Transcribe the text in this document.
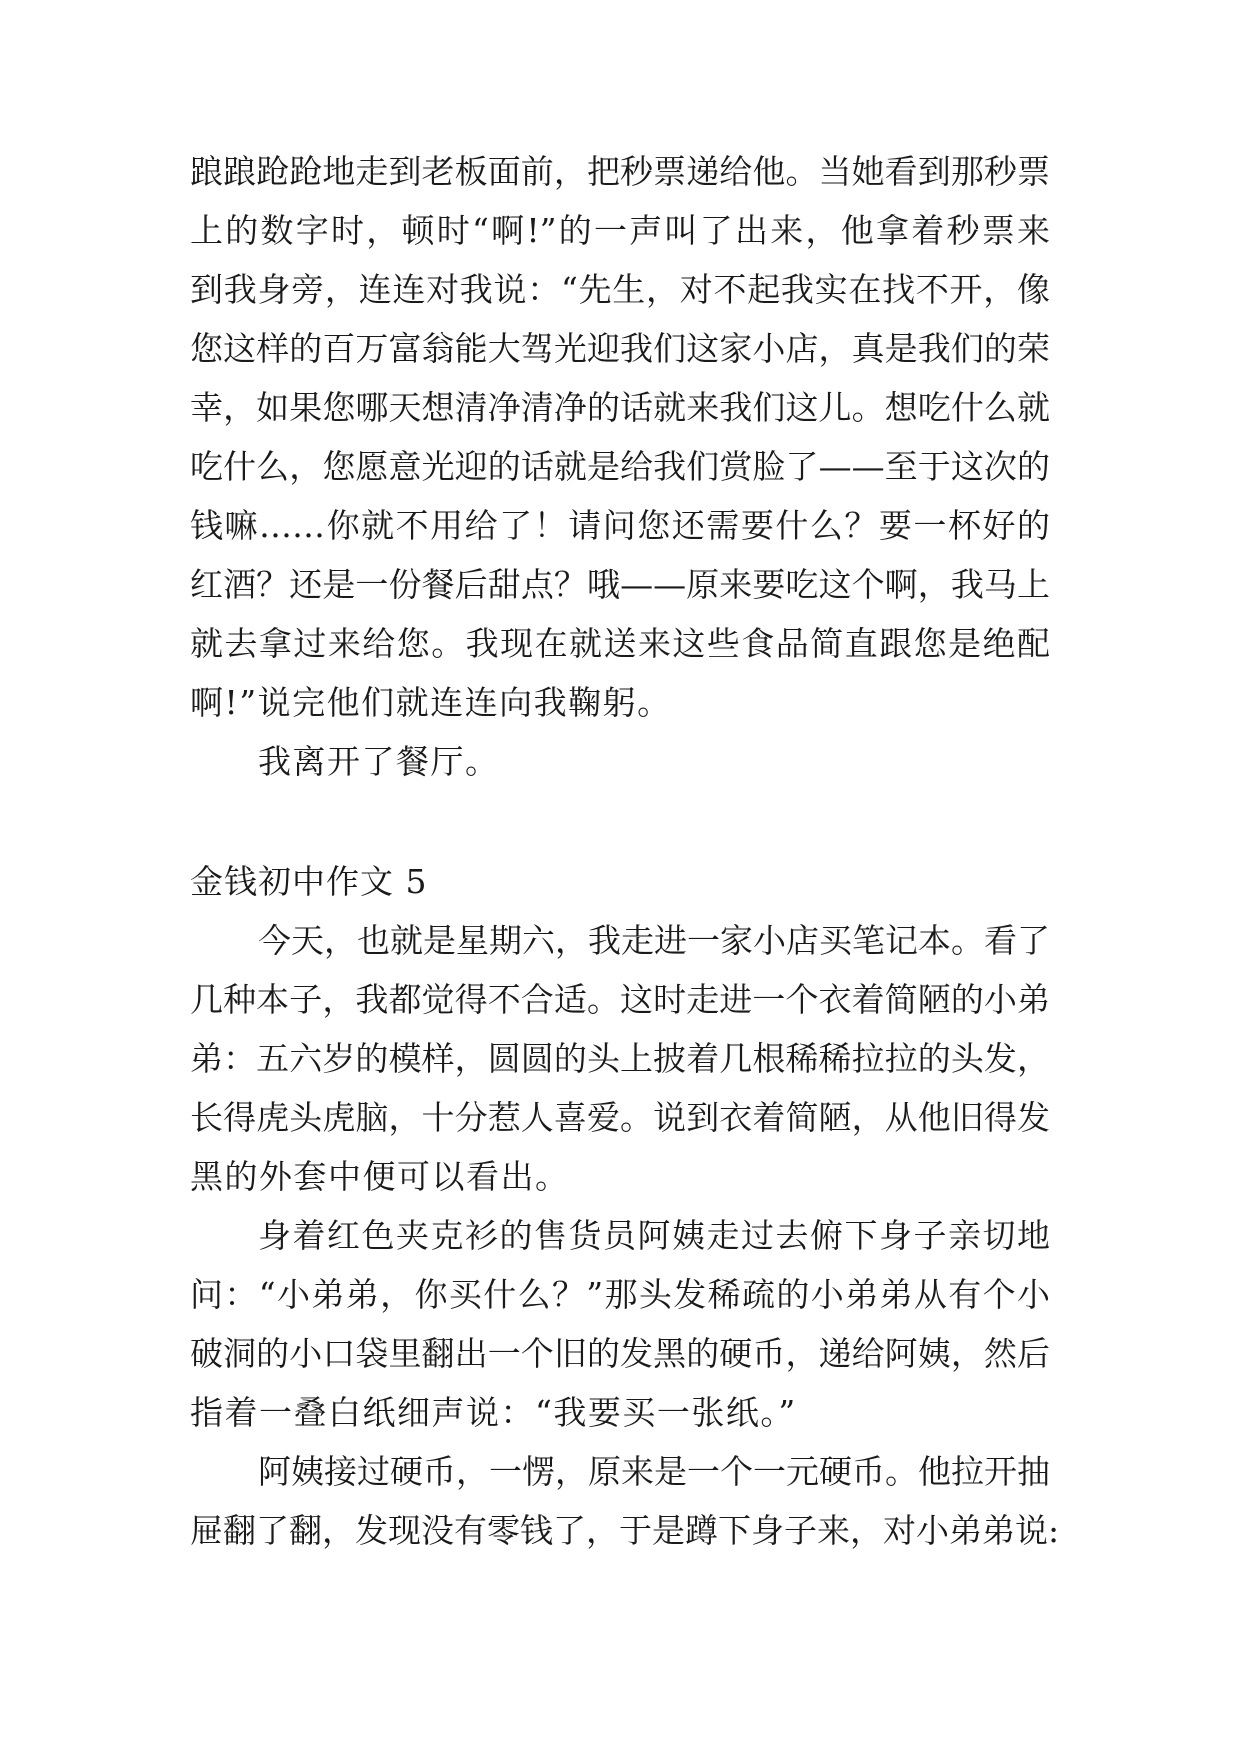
踉踉跄跄地走到老板面前，把秒票递给他。当她看到那秒票
上的数字时，顿时“啊!”的一声叫了出来，他拿着秒票来
到我身旁，连连对我说：“先生，对不起我实在找不开，像
您这样的百万富翁能大驾光迎我们这家小店，真是我们的荣
幸，如果您哪天想清净清净的话就来我们这儿。想吃什么就
吃什么，您愿意光迎的话就是给我们赏脸了——至于这次的
钱嘛……你就不用给了！请问您还需要什么？要一杯好的
红酒？还是一份餐后甜点？哦——原来要吃这个啊，我马上
就去拿过来给您。我现在就送来这些食品简直跟您是绝配
啊!”说完他们就连连向我鞠躬。
我离开了餐厅。
金钱初中作文 5
今天，也就是星期六，我走进一家小店买笔记本。看了
几种本子，我都觉得不合适。这时走进一个衣着简陋的小弟
弟：五六岁的模样，圆圆的头上披着几根稀稀拉拉的头发，
长得虎头虎脑，十分惹人喜爱。说到衣着简陋，从他旧得发
黑的外套中便可以看出。
身着红色夹克衫的售货员阿姨走过去俯下身子亲切地
问：“小弟弟，你买什么？”那头发稀疏的小弟弟从有个小
破洞的小口袋里翻出一个旧的发黑的硬币，递给阿姨，然后
指着一叠白纸细声说：“我要买一张纸。”
阿姨接过硬币，一愣，原来是一个一元硬币。他拉开抽
屉翻了翻，发现没有零钱了，于是蹲下身子来，对小弟弟说:
